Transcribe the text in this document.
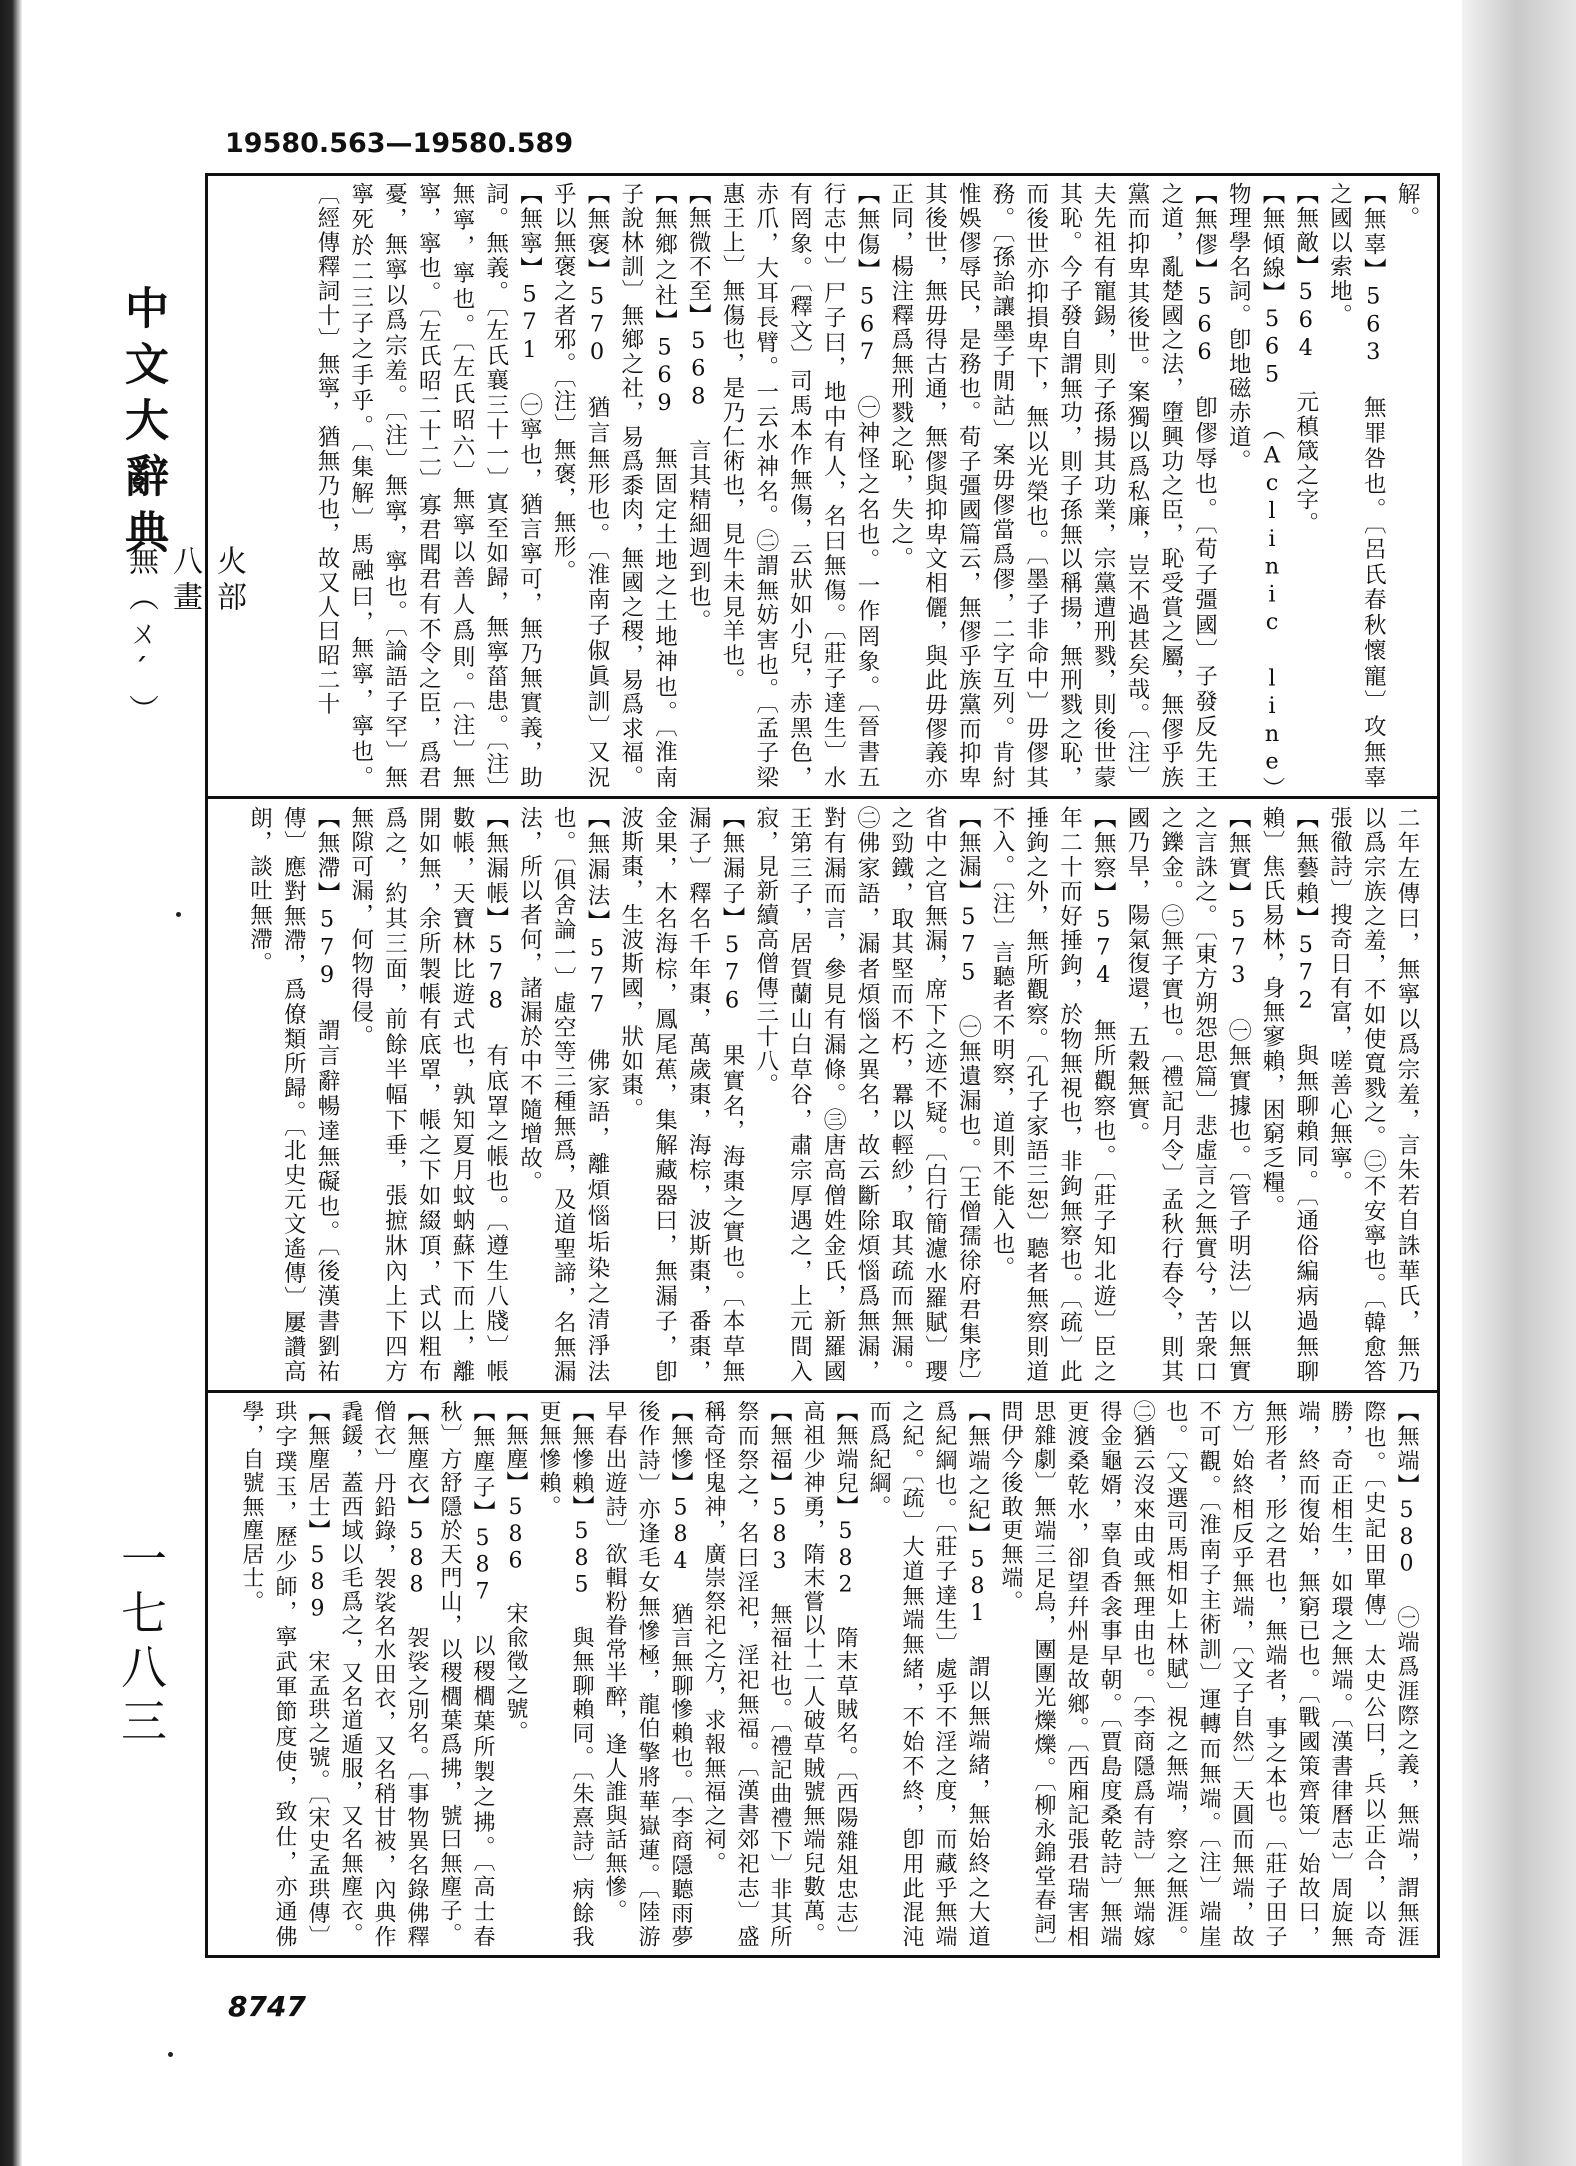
19580.563—19580.589
中文大辭典
火部
八畫
無（ㄨˊ）
一七八三

解。

【無辜】563 無罪咎也。〔呂氏春秋懷寵〕攻無辜之國以索地。

【無敵】564 元稹箴之字。

【無傾線】565 （Aclinic line）物理學名詞。卽地磁赤道。

【無僇】566 卽僇辱也。〔荀子彊國〕子發反先王之道，亂楚國之法，墮興功之臣，恥受賞之屬，無僇乎族黨而抑卑其後世。案獨以爲私廉，豈不過甚矣哉。〔注〕夫先祖有寵錫，則子孫揚其功業，宗黨遭刑戮，則後世蒙其恥。今子發自謂無功，則子孫無以稱揚，無刑戮之恥，而後世亦抑損卑下，無以光榮也。〔墨子非命中〕毋僇其務。〔孫詒讓墨子閒詁〕案毋僇當爲僇，二字互列。肯紂惟娛僇辱民，是務也。荀子彊國篇云，無僇乎族黨而抑卑其後世，無毋得古通，無僇與抑卑文相儷，與此毋僇義亦正同，楊注釋爲無刑戮之恥，失之。

【無傷】567 ㊀神怪之名也。一作罔象。〔晉書五行志中〕尸子曰，地中有人，名曰無傷。〔莊子達生〕水有罔象。〔釋文〕司馬本作無傷，云狀如小兒，赤黑色，赤爪，大耳長臂。一云水神名。㊁謂無妨害也。〔孟子梁惠王上〕無傷也，是乃仁術也，見牛未見羊也。

【無微不至】568 言其精細週到也。

【無鄉之社】569 無固定土地之土地神也。〔淮南子說林訓〕無鄉之社，易爲黍肉，無國之稷，易爲求福。

【無褒】570 猶言無形也。〔淮南子俶眞訓〕又況乎以無褒之者邪。〔注〕無褒，無形。

【無寧】571 ㊀寧也，猶言寧可，無乃無實義，助詞。無義。〔左氏襄三十一〕寘至如歸，無寧菑患。〔注〕無寧，寧也。〔左氏昭六〕無寧以善人爲則。〔注〕無寧，寧也。〔左氏昭二十二〕寡君聞君有不令之臣，爲君憂，無寧以爲宗羞。〔注〕無寧，寧也。〔論語子罕〕無寧死於二三子之手乎。〔集解〕馬融曰，無寧，寧也。〔經傳釋詞十〕無寧，猶無乃也，故又人曰昭二十

二年左傳曰，無寧以爲宗羞，言朱若自誅華氏，無乃以爲宗族之羞，不如使寬戮之。㊁不安寧也。〔韓愈答張徹詩〕搜奇日有富，嗟善心無寧。

【無藝賴】572 與無聊賴同。〔通俗編病過無聊賴〕焦氏易林，身無寥賴，困窮乏糧。

【無實】573 ㊀無實據也。〔管子明法〕以無實之言誅之。〔東方朔怨思篇〕悲虛言之無實兮，苦衆口之鑠金。㊁無子實也。〔禮記月令〕孟秋行春令，則其國乃旱，陽氣復還，五穀無實。

【無察】574 無所觀察也。〔莊子知北遊〕臣之年二十而好捶鉤，於物無視也，非鉤無察也。〔疏〕此捶鉤之外，無所觀察。〔孔子家語三恕〕聽者無察則道不入。〔注〕言聽者不明察，道則不能入也。

【無漏】575 ㊀無遺漏也。〔王僧孺徐府君集序〕省中之官無漏，席下之迹不疑。〔白行簡濾水羅賦〕瓔之勁鐵，取其堅而不朽，羃以輕紗，取其疏而無漏。㊁佛家語，漏者煩惱之異名，故云斷除煩惱爲無漏，對有漏而言，參見有漏條。㊂唐高僧姓金氏，新羅國王第三子，居賀蘭山白草谷，肅宗厚遇之，上元間入寂，見新續高僧傳三十八。

【無漏子】576 果實名，海棗之實也。〔本草無漏子〕釋名千年棗，萬歲棗，海棕，波斯棗，番棗，金果，木名海棕，鳳尾蕉，集解藏器曰，無漏子，卽波斯棗，生波斯國，狀如棗。

【無漏法】577 佛家語，離煩惱垢染之清淨法也。〔俱舍論一〕虛空等三種無爲，及道聖諦，名無漏法，所以者何，諸漏於中不隨增故。

【無漏帳】578 有底罩之帳也。〔遵生八牋〕帳數帳，天寶林比遊式也，孰知夏月蚊蚋蘇下而上，離開如無，余所製帳有底罩，帳之下如綴頂，式以粗布爲之，約其三面，前餘半幅下垂，張摭牀內上下四方無隙可漏，何物得侵。

【無滯】579 謂言辭暢達無礙也。〔後漢書劉祐傳〕應對無滯，爲僚類所歸。〔北史元文遙傳〕屢讚高朗，談吐無滯。

【無端】580 ㊀端爲涯際之義，無端，謂無涯際也。〔史記田單傳〕太史公曰，兵以正合，以奇勝，奇正相生，如環之無端。〔漢書律曆志〕周旋無端，終而復始，無窮已也。〔戰國策齊策〕始故曰，無形者，形之君也，無端者，事之本也。〔莊子田子方〕始終相反乎無端，〔文子自然〕天圓而無端，故不可觀。〔淮南子主術訓〕運轉而無端。〔注〕端崖也。〔文選司馬相如上林賦〕視之無端，察之無涯。㊁猶云沒來由或無理由也。〔李商隱爲有詩〕無端嫁得金龜婿，辜負香衾事早朝。〔賈島度桑乾詩〕無端更渡桑乾水，卻望幷州是故鄉。〔西廂記張君瑞害相思雜劇〕無端三足烏，團團光爍爍。〔柳永錦堂春詞〕問伊今後敢更無端。

【無端之紀】581 謂以無端緒，無始終之大道爲紀綱也。〔莊子達生〕處乎不淫之度，而藏乎無端之紀。〔疏〕大道無端無緒，不始不終，卽用此混沌而爲紀綱。

【無端兒】582 隋末草賊名。〔西陽雜俎忠志〕高祖少神勇，隋末嘗以十二人破草賊號無端兒數萬。

【無福】583 無福社也。〔禮記曲禮下〕非其所祭而祭之，名曰淫祀，淫祀無福。〔漢書郊祀志〕盛稱奇怪鬼神，廣崇祭祀之方，求報無福之祠。

【無慘】584 猶言無聊慘賴也。〔李商隱聽雨夢後作詩〕亦逢毛女無慘極，龍伯擎將華嶽蓮。〔陸游早春出遊詩〕欲輯粉眷常半醉，逢人誰與話無慘。

【無慘賴】585 與無聊賴同。〔朱熹詩〕病餘我更無慘賴。

【無塵】586 宋兪徵之號。

【無塵子】587 以稷櫚葉所製之拂。〔高士春秋〕方舒隱於天門山，以稷櫚葉爲拂，號曰無塵子。

【無塵衣】588 袈裟之別名。〔事物異名錄佛釋僧衣〕丹鉛錄，袈裟名水田衣，又名稍甘被，內典作毳鍰，蓋西域以毛爲之，又名道遁服，又名無塵衣。

【無塵居士】589 宋孟珙之號。〔宋史孟珙傳〕珙字璞玉，歷少師，寧武軍節度使，致仕，亦通佛學，自號無塵居士。

8747
